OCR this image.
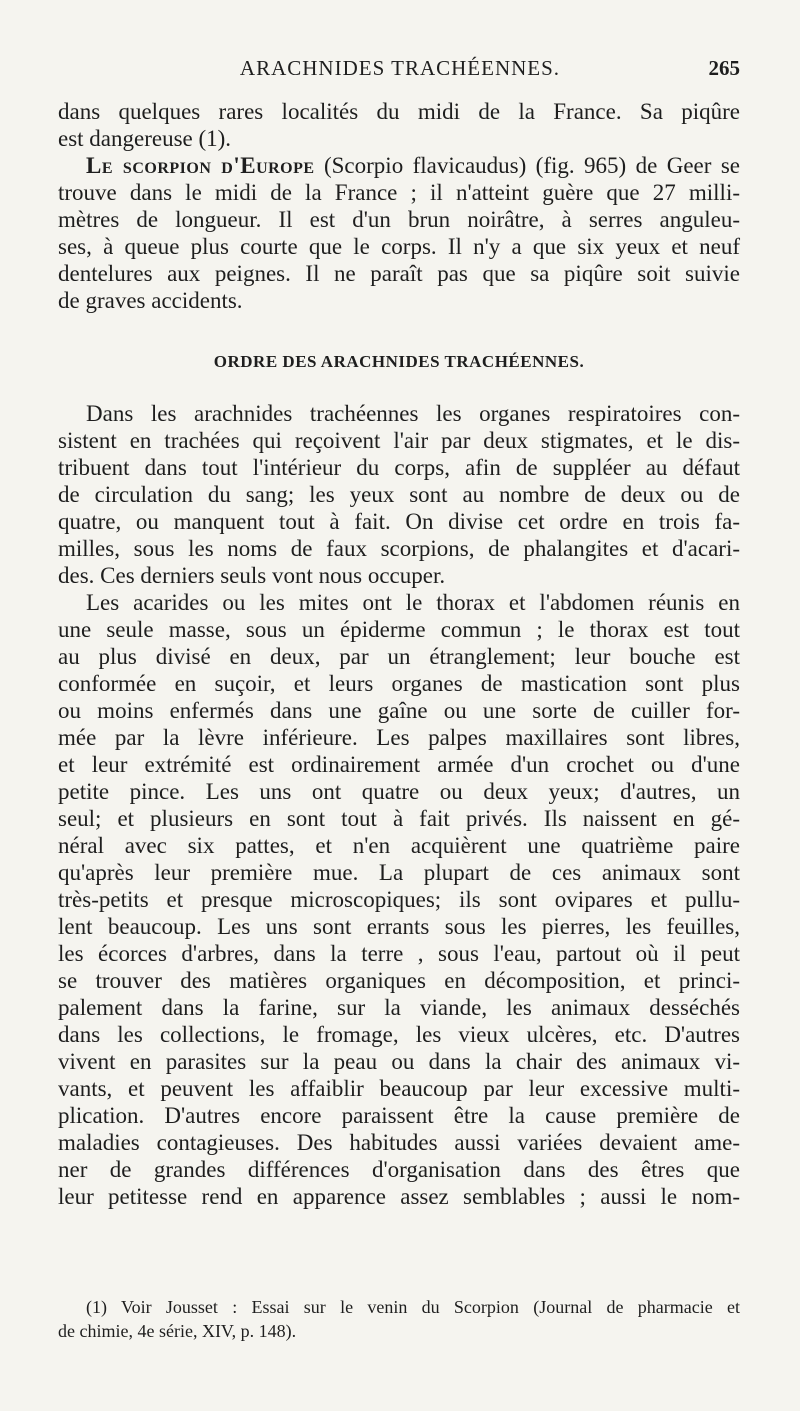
ARACHNIDES TRACHÉENNES.	265
dans quelques rares localités du midi de la France. Sa piqûre
est dangereuse (1).
Le scorpion d'Europe (Scorpio flavicaudus) (fig. 965) de Geer se
trouve dans le midi de la France ; il n'atteint guère que 27 milli-
mètres de longueur. Il est d'un brun noirâtre, à serres anguleu-
ses, à queue plus courte que le corps. Il n'y a que six yeux et neuf
dentelures aux peignes. Il ne paraît pas que sa piqûre soit suivie
de graves accidents.
ORDRE DES ARACHNIDES TRACHÉENNES.
Dans les arachnides trachéennes les organes respiratoires con-
sistent en trachées qui reçoivent l'air par deux stigmates, et le dis-
tribuent dans tout l'intérieur du corps, afin de suppléer au défaut
de circulation du sang; les yeux sont au nombre de deux ou de
quatre, ou manquent tout à fait. On divise cet ordre en trois fa-
milles, sous les noms de faux scorpions, de phalangites et d'acari-
des. Ces derniers seuls vont nous occuper.
Les acarides ou les mites ont le thorax et l'abdomen réunis en
une seule masse, sous un épiderme commun ; le thorax est tout
au plus divisé en deux, par un étranglement; leur bouche est
conformée en suçoir, et leurs organes de mastication sont plus
ou moins enfermés dans une gaîne ou une sorte de cuiller for-
mée par la lèvre inférieure. Les palpes maxillaires sont libres,
et leur extrémité est ordinairement armée d'un crochet ou d'une
petite pince. Les uns ont quatre ou deux yeux; d'autres, un
seul; et plusieurs en sont tout à fait privés. Ils naissent en gé-
néral avec six pattes, et n'en acquièrent une quatrième paire
qu'après leur première mue. La plupart de ces animaux sont
très-petits et presque microscopiques; ils sont ovipares et pullu-
lent beaucoup. Les uns sont errants sous les pierres, les feuilles,
les écorces d'arbres, dans la terre , sous l'eau, partout où il peut
se trouver des matières organiques en décomposition, et princi-
palement dans la farine, sur la viande, les animaux desséchés
dans les collections, le fromage, les vieux ulcères, etc. D'autres
vivent en parasites sur la peau ou dans la chair des animaux vi-
vants, et peuvent les affaiblir beaucoup par leur excessive multi-
plication. D'autres encore paraissent être la cause première de
maladies contagieuses. Des habitudes aussi variées devaient ame-
ner de grandes différences d'organisation dans des êtres que
leur petitesse rend en apparence assez semblables ; aussi le nom-
(1) Voir Jousset : Essai sur le venin du Scorpion (Journal de pharmacie et
de chimie, 4e série, XIV, p. 148).
